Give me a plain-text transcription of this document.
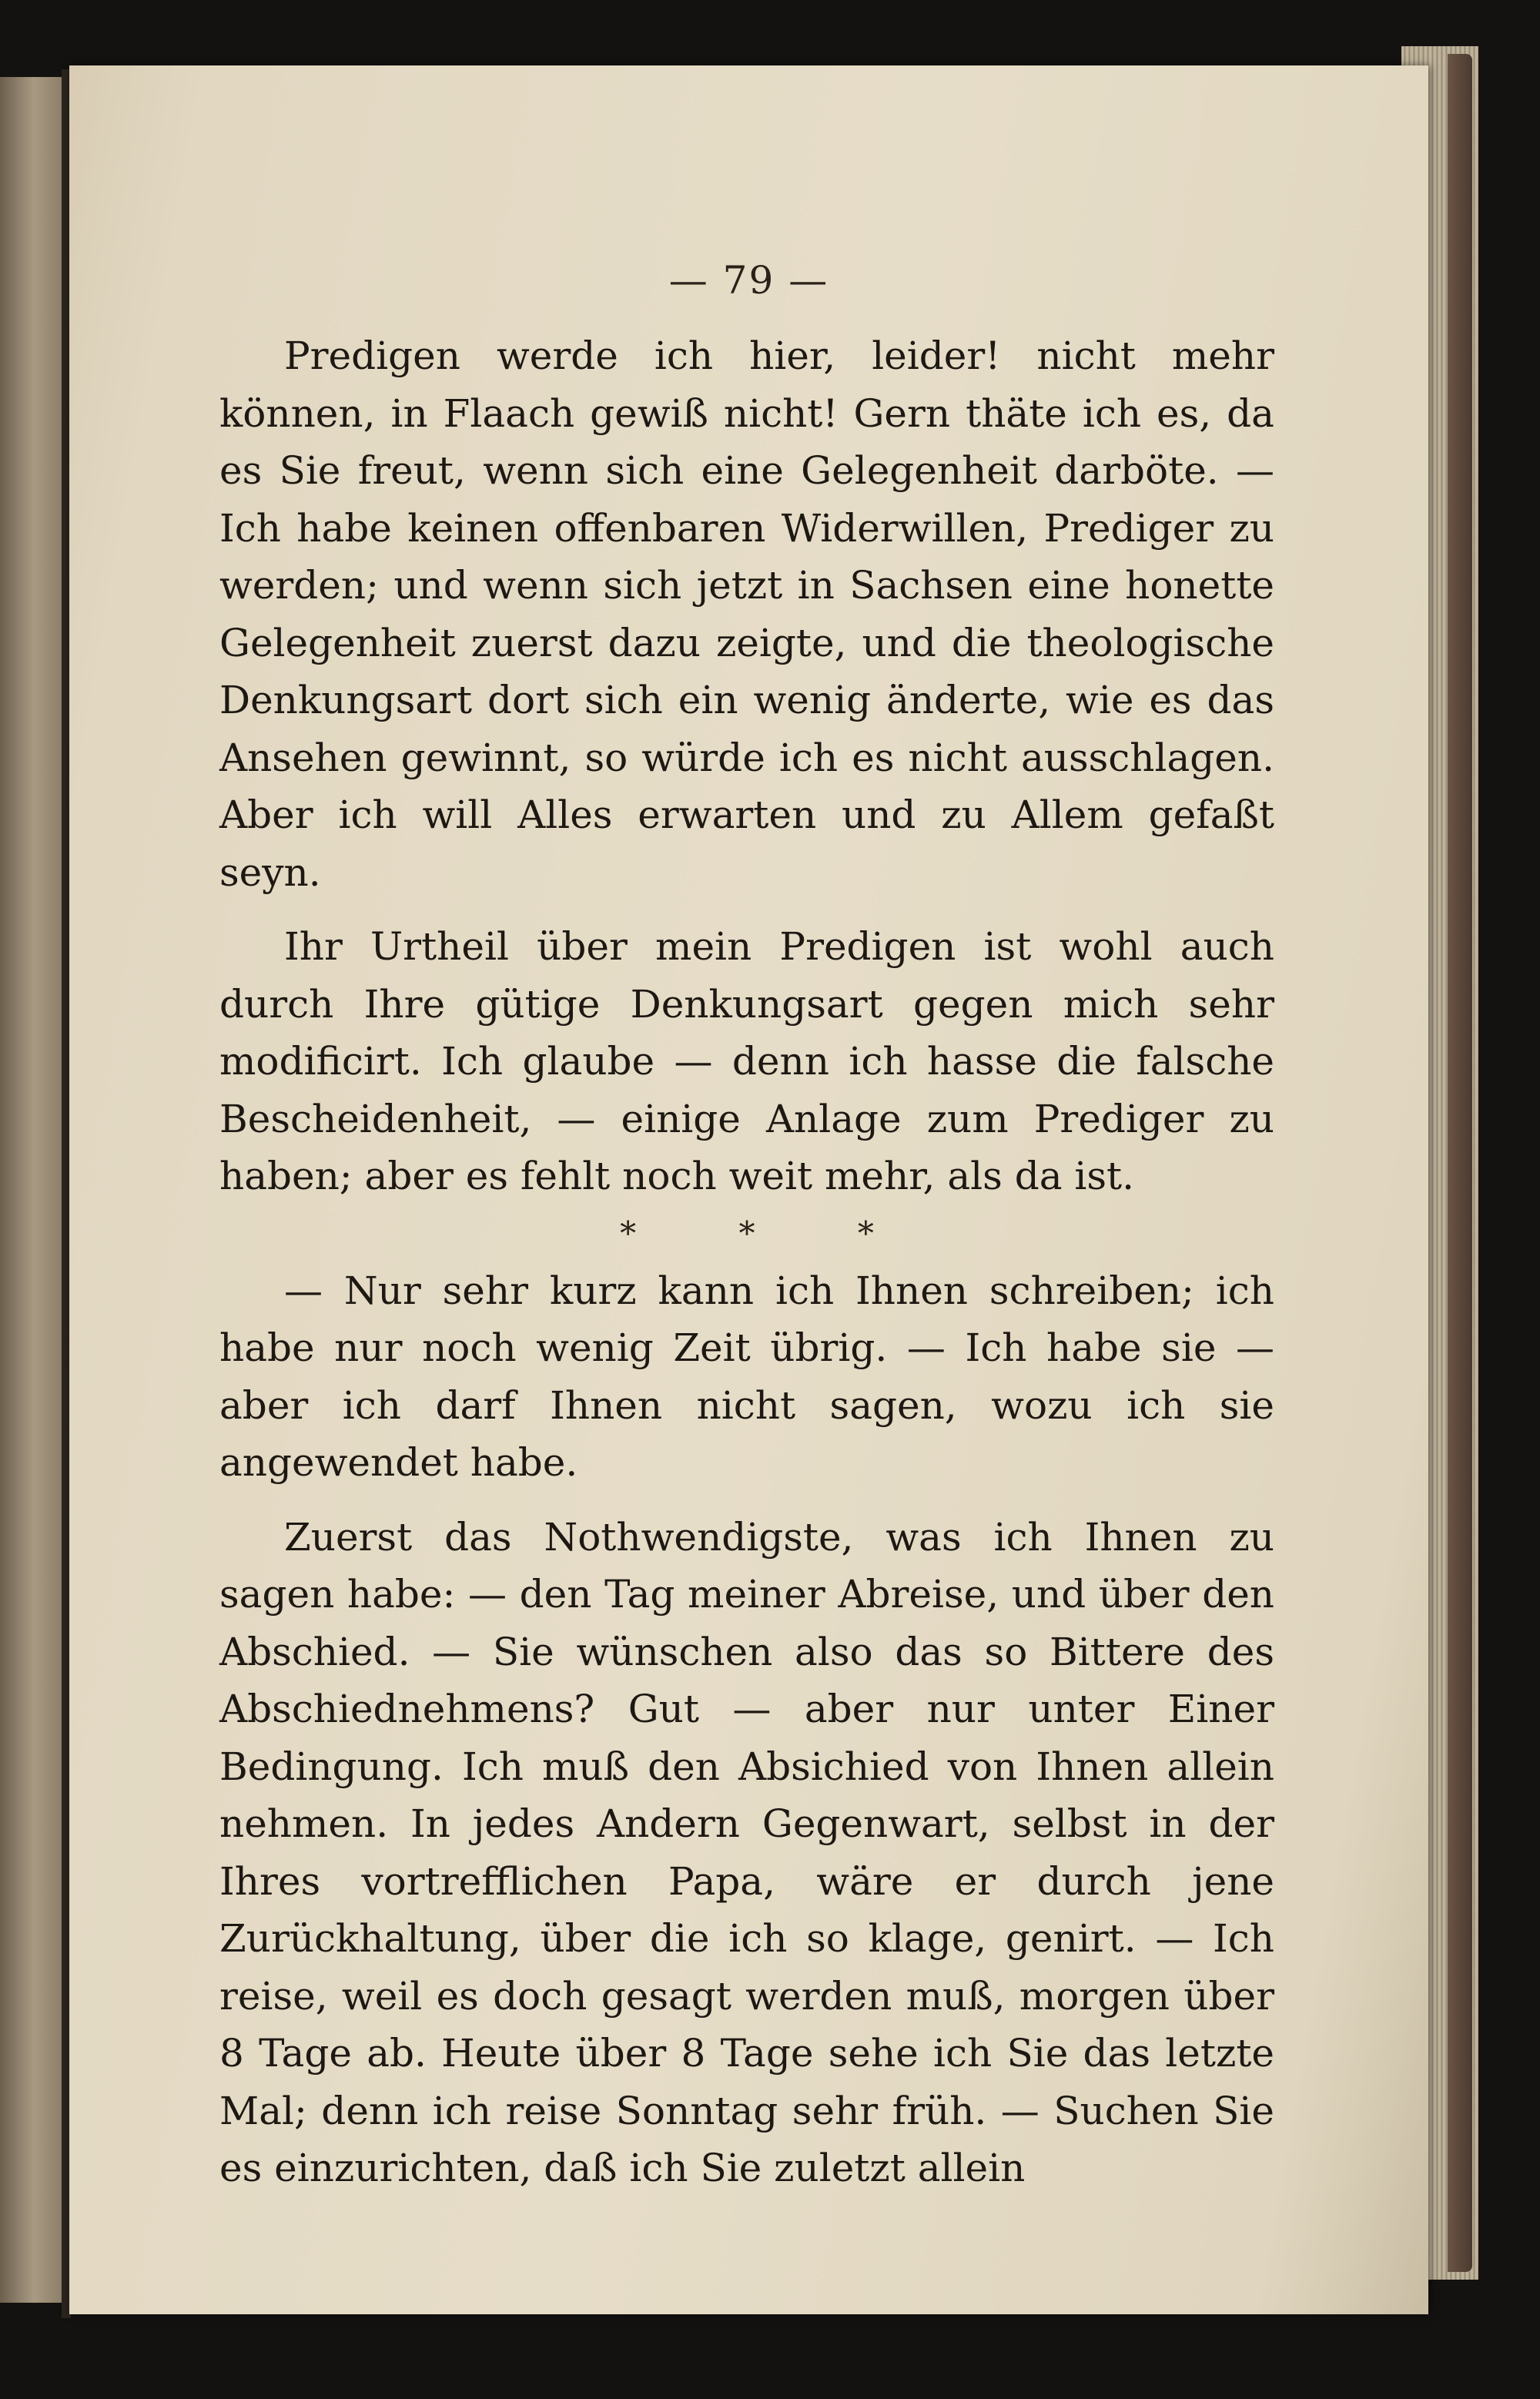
— 79 —

Predigen werde ich hier, leider! nicht mehr können, in Flaach gewiß nicht! Gern thäte ich es, da es Sie freut, wenn sich eine Gelegenheit darböte. — Ich habe keinen offenbaren Widerwillen, Prediger zu werden; und wenn sich jetzt in Sachsen eine honette Gelegenheit zuerst dazu zeigte, und die theologische Denkungsart dort sich ein wenig änderte, wie es das Ansehen gewinnt, so würde ich es nicht ausschlagen. Aber ich will Alles erwarten und zu Allem gefaßt seyn.

Ihr Urtheil über mein Predigen ist wohl auch durch Ihre gütige Denkungsart gegen mich sehr modificirt. Ich glaube — denn ich hasse die falsche Bescheidenheit, — einige Anlage zum Prediger zu haben; aber es fehlt noch weit mehr, als da ist.

* * *

— Nur sehr kurz kann ich Ihnen schreiben; ich habe nur noch wenig Zeit übrig. — Ich habe sie — aber ich darf Ihnen nicht sagen, wozu ich sie angewendet habe.

Zuerst das Nothwendigste, was ich Ihnen zu sagen habe: — den Tag meiner Abreise, und über den Abschied. — Sie wünschen also das so Bittere des Abschiednehmens? Gut — aber nur unter Einer Bedingung. Ich muß den Absichied von Ihnen allein nehmen. In jedes Andern Gegenwart, selbst in der Ihres vortrefflichen Papa, wäre er durch jene Zurückhaltung, über die ich so klage, genirt. — Ich reise, weil es doch gesagt werden muß, morgen über 8 Tage ab. Heute über 8 Tage sehe ich Sie das letzte Mal; denn ich reise Sonntag sehr früh. — Suchen Sie es einzurichten, daß ich Sie zuletzt allein
